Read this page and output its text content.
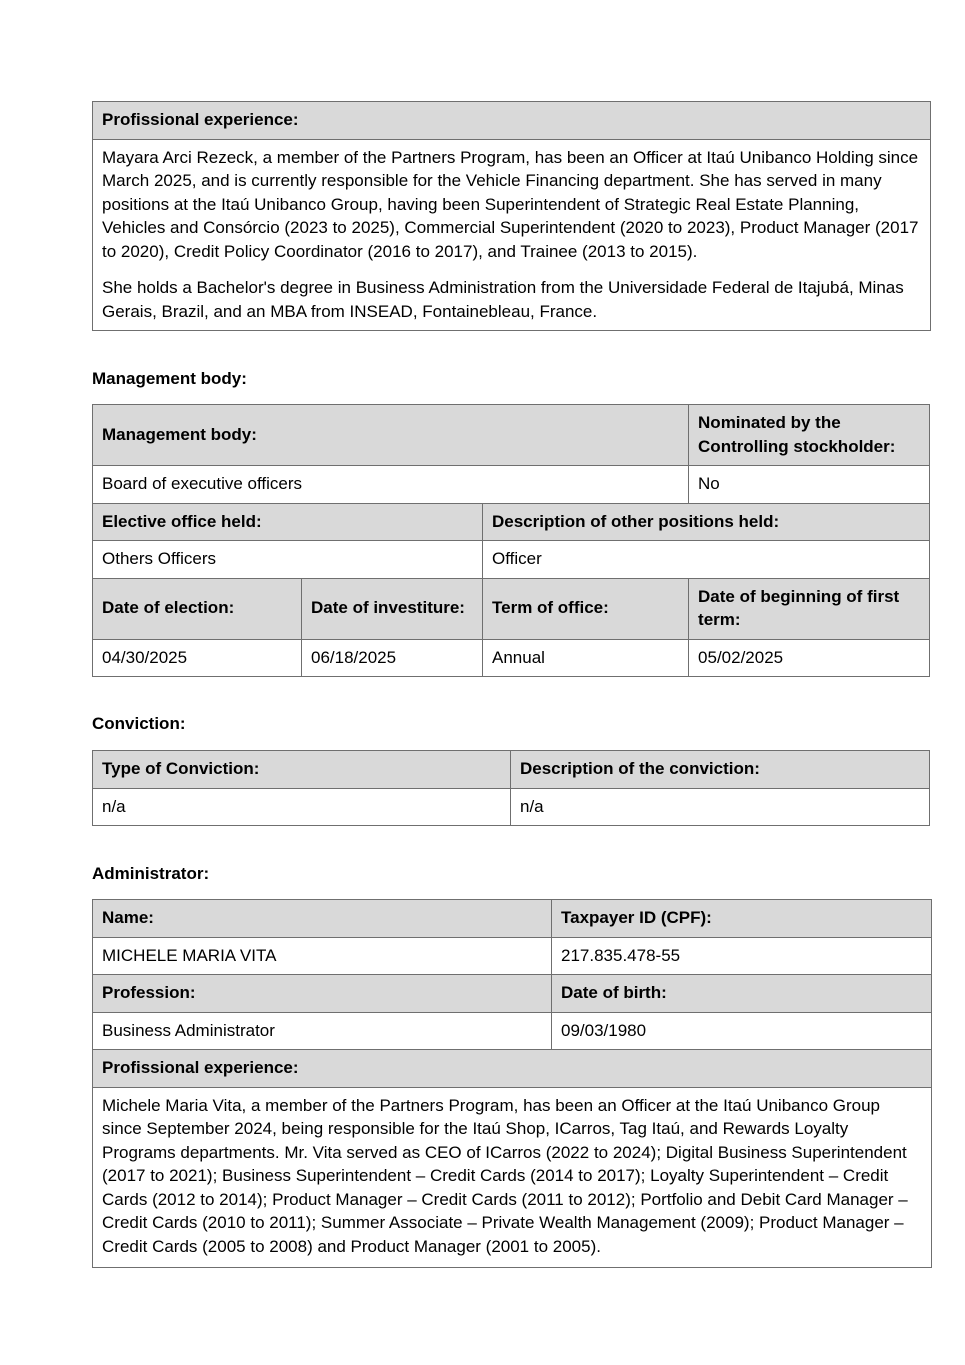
Profissional experience:

Mayara Arci Rezeck, a member of the Partners Program, has been an Officer at Itaú Unibanco Holding since March 2025, and is currently responsible for the Vehicle Financing department. She has served in many positions at the Itaú Unibanco Group, having been Superintendent of Strategic Real Estate Planning, Vehicles and Consórcio (2023 to 2025), Commercial Superintendent (2020 to 2023), Product Manager (2017 to 2020), Credit Policy Coordinator (2016 to 2017), and Trainee (2013 to 2015).

She holds a Bachelor's degree in Business Administration from the Universidade Federal de Itajubá, Minas Gerais, Brazil, and an MBA from INSEAD, Fontainebleau, France.

Management body:

Management body:			Nominated by the Controlling stockholder:
Board of executive officers			No
Elective office held:		Description of other positions held:	
Others Officers		Officer	
Date of election:	Date of investiture:	Term of office:	Date of beginning of first term:
04/30/2025	06/18/2025	Annual	05/02/2025

Conviction:

Type of Conviction:	Description of the conviction:
n/a	n/a

Administrator:

Name:	Taxpayer ID (CPF):
MICHELE MARIA VITA	217.835.478-55
Profession:	Date of birth:
Business Administrator	09/03/1980
Profissional experience:	
Michele Maria Vita, a member of the Partners Program, has been an Officer at the Itaú Unibanco Group since September 2024, being responsible for the Itaú Shop, ICarros, Tag Itaú, and Rewards Loyalty Programs departments. Mr. Vita served as CEO of ICarros (2022 to 2024); Digital Business Superintendent (2017 to 2021); Business Superintendent – Credit Cards (2014 to 2017); Loyalty Superintendent – Credit Cards (2012 to 2014); Product Manager – Credit Cards (2011 to 2012); Portfolio and Debit Card Manager – Credit Cards (2010 to 2011); Summer Associate – Private Wealth Management (2009); Product Manager – Credit Cards (2005 to 2008) and Product Manager (2001 to 2005).	
